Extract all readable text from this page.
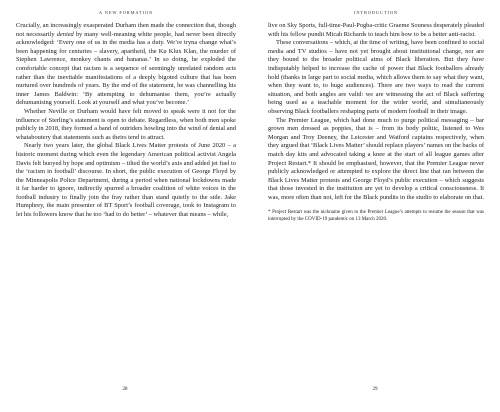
A NEW FORMATION

Crucially, an increasingly exasperated Durham then made the connection that, though not necessarily denied by many well-meaning white people, had never been directly acknowledged: ‘Every one of us in the media has a duty. We’re tryna change what’s been happening for centuries – slavery, apartheid, the Ku Klux Klan, the murder of Stephen Lawrence, monkey chants and bananas.’ In so doing, he exploded the comfortable concept that racism is a sequence of seemingly unrelated random acts rather than the inevitable manifestations of a deeply bigoted culture that has been nurtured over hundreds of years. By the end of the statement, he was channelling his inner James Baldwin: ‘By attempting to dehumanise them, you’re actually dehumanising yourself. Look at yourself and what you’ve become.’

Whether Neville or Durham would have felt moved to speak were it not for the influence of Sterling’s statement is open to debate. Regardless, when both men spoke publicly in 2018, they formed a band of outriders howling into the wind of denial and whataboutery that statements such as theirs tend to attract.

Nearly two years later, the global Black Lives Matter protests of June 2020 – a historic moment during which even the legendary American political activist Angela Davis felt buoyed by hope and optimism – tilted the world’s axis and added jet fuel to the ‘racism in football’ discourse. In short, the public execution of George Floyd by the Minneapolis Police Department, during a period when national lockdowns made it far harder to ignore, indirectly spurred a broader coalition of white voices in the football industry to finally join the fray rather than stand quietly to the side. Jake Humphrey, the main presenter of BT Sport’s football coverage, took to Instagram to let his followers know that he too ‘had to do better’ – whatever that means – while,

28
INTRODUCTION

live on Sky Sports, full-time-Paul-Pogba-critic Graeme Souness desperately pleaded with his fellow pundit Micah Richards to teach him how to be a better anti-racist.

These conversations – which, at the time of writing, have been confined to social media and TV studios – have not yet brought about institutional change, nor are they bound to the broader political aims of Black liberation. But they have indisputably helped to increase the cache of power that Black footballers already hold (thanks in large part to social media, which allows them to say what they want, when they want to, to huge audiences). There are two ways to read the current situation, and both angles are valid: we are witnessing the act of Black suffering being used as a teachable moment for the wider world, and simultaneously observing Black footballers reshaping parts of modern football in their image.

The Premier League, which had done much to purge political messaging – bar grown men dressed as poppies, that is – from its body politic, listened to Wes Morgan and Troy Deeney, the Leicester and Watford captains respectively, when they argued that ‘Black Lives Matter’ should replace players’ names on the backs of match day kits and advocated taking a knee at the start of all league games after Project Restart.* It should be emphasised, however, that the Premier League never publicly acknowledged or attempted to explore the direct line that ran between the Black Lives Matter protests and George Floyd’s public execution – which suggests that those invested in the institution are yet to develop a critical consciousness. It was, more often than not, left for the Black pundits in the studio to elaborate on that.

* Project Restart was the nickname given to the Premier League’s attempts to resume the season that was interrupted by the COVID-19 pandemic on 13 March 2020.
29
